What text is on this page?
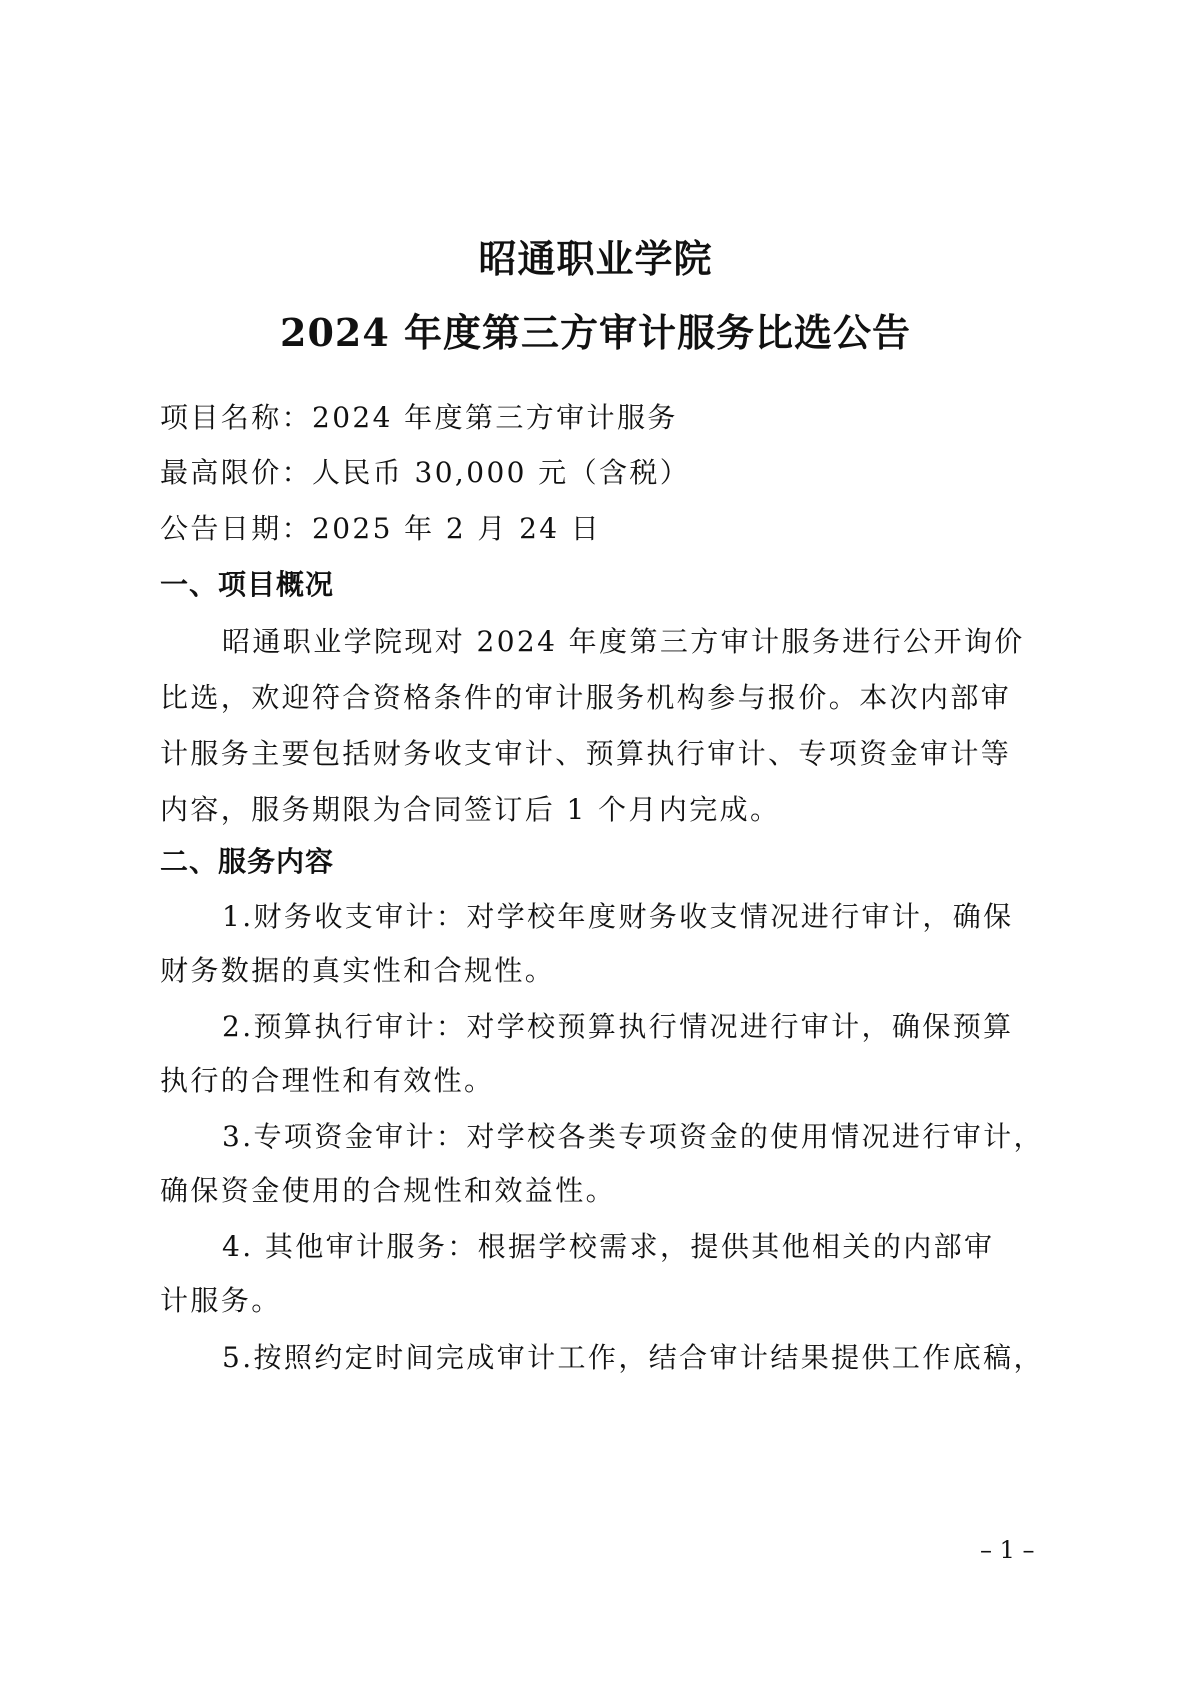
昭通职业学院
2024 年度第三方审计服务比选公告
项目名称：2024 年度第三方审计服务
最高限价：人民币 30,000 元（含税）
公告日期：2025 年 2 月 24 日
一、项目概况
昭通职业学院现对 2024 年度第三方审计服务进行公开询价
比选，欢迎符合资格条件的审计服务机构参与报价。本次内部审
计服务主要包括财务收支审计、预算执行审计、专项资金审计等
内容，服务期限为合同签订后 1 个月内完成。
二、服务内容
1.财务收支审计：对学校年度财务收支情况进行审计，确保
财务数据的真实性和合规性。
2.预算执行审计：对学校预算执行情况进行审计，确保预算
执行的合理性和有效性。
3.专项资金审计：对学校各类专项资金的使用情况进行审计，
确保资金使用的合规性和效益性。
4. 其他审计服务：根据学校需求，提供其他相关的内部审
计服务。
5.按照约定时间完成审计工作，结合审计结果提供工作底稿，
– 1 –
